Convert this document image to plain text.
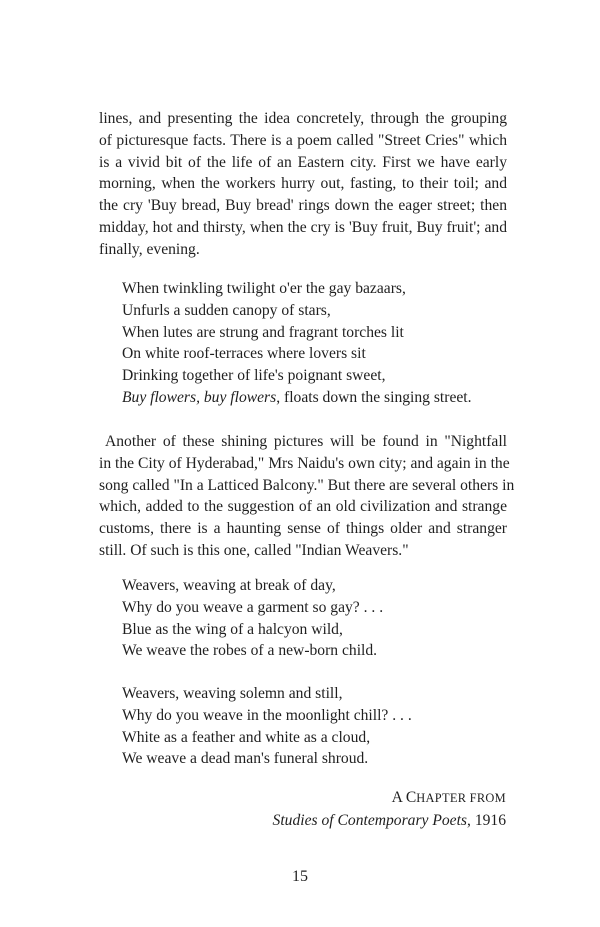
lines, and presenting the idea concretely, through the grouping
of picturesque facts. There is a poem called "Street Cries" which
is a vivid bit of the life of an Eastern city. First we have early
morning, when the workers hurry out, fasting, to their toil; and
the cry 'Buy bread, Buy bread' rings down the eager street; then
midday, hot and thirsty, when the cry is 'Buy fruit, Buy fruit'; and
finally, evening.
When twinkling twilight o'er the gay bazaars,
Unfurls a sudden canopy of stars,
When lutes are strung and fragrant torches lit
On white roof-terraces where lovers sit
Drinking together of life's poignant sweet,
Buy flowers, buy flowers, floats down the singing street.
Another of these shining pictures will be found in "Nightfall
in the City of Hyderabad," Mrs Naidu's own city; and again in the
song called "In a Latticed Balcony." But there are several others in
which, added to the suggestion of an old civilization and strange
customs, there is a haunting sense of things older and stranger
still. Of such is this one, called "Indian Weavers."
Weavers, weaving at break of day,
Why do you weave a garment so gay? . . .
Blue as the wing of a halcyon wild,
We weave the robes of a new-born child.
Weavers, weaving solemn and still,
Why do you weave in the moonlight chill? . . .
White as a feather and white as a cloud,
We weave a dead man's funeral shroud.
A CHAPTER FROM
Studies of Contemporary Poets, 1916
15
